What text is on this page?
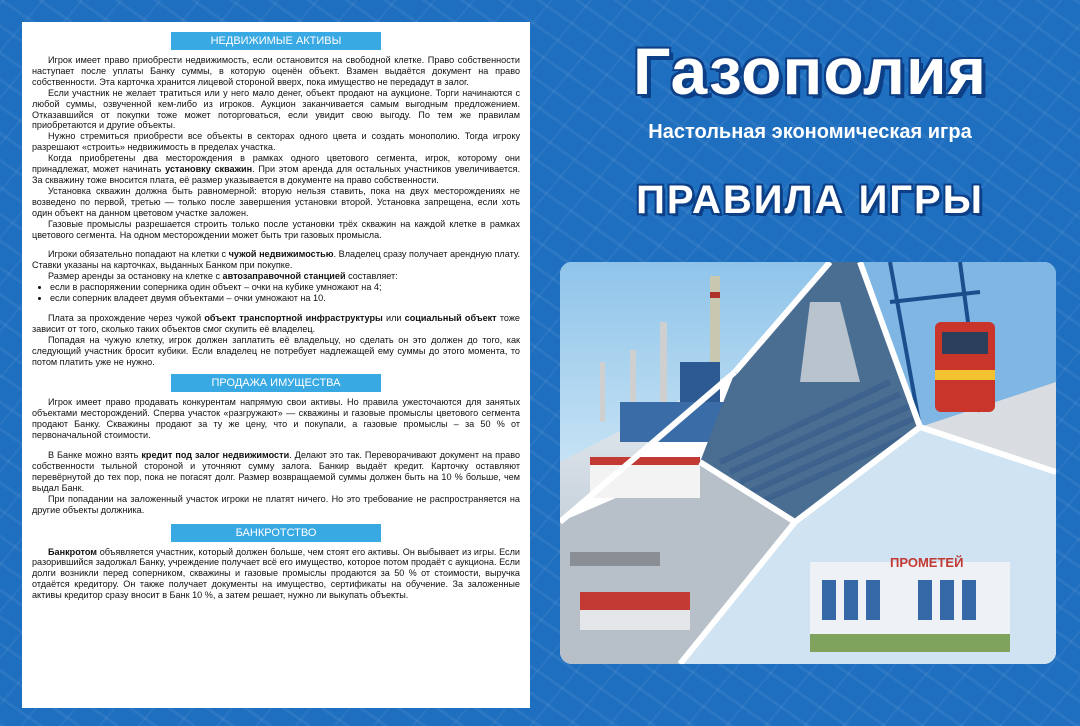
НЕДВИЖИМЫЕ АКТИВЫ

Игрок имеет право приобрести недвижимость, если остановится на свободной клетке. Право собственности наступает после уплаты Банку суммы, в которую оценён объект. Взамен выдаётся документ на право собственности. Эта карточка хранится лицевой стороной вверх, пока имущество не передадут в залог.

Если участник не желает тратиться или у него мало денег, объект продают на аукционе. Торги начинаются с любой суммы, озвученной кем-либо из игроков. Аукцион заканчивается самым выгодным предложением. Отказавшийся от покупки тоже может поторговаться, если увидит свою выгоду. По тем же правилам приобретаются и другие объекты.

Нужно стремиться приобрести все объекты в секторах одного цвета и создать монополию. Тогда игроку разрешают «строить» недвижимость в пределах участка.

Когда приобретены два месторождения в рамках одного цветового сегмента, игрок, которому они принадлежат, может начинать установку скважин. При этом аренда для остальных участников увеличивается. За скважину тоже вносится плата, её размер указывается в документе на право собственности.

Установка скважин должна быть равномерной: вторую нельзя ставить, пока на двух месторождениях не возведено по первой, третью — только после завершения установки второй. Установка запрещена, если хоть один объект на данном цветовом участке заложен.

Газовые промыслы разрешается строить только после установки трёх скважин на каждой клетке в рамках цветового сегмента. На одном месторождении может быть три газовых промысла.

Игроки обязательно попадают на клетки с чужой недвижимостью. Владелец сразу получает арендную плату. Ставки указаны на карточках, выданных Банком при покупке.

Размер аренды за остановку на клетке с автозаправочной станцией составляет:

• если в распоряжении соперника один объект – очки на кубике умножают на 4;
• если соперник владеет двумя объектами – очки умножают на 10.

Плата за прохождение через чужой объект транспортной инфраструктуры или социальный объект тоже зависит от того, сколько таких объектов смог скупить её владелец.

Попадая на чужую клетку, игрок должен заплатить её владельцу, но сделать он это должен до того, как следующий участник бросит кубики. Если владелец не потребует надлежащей ему суммы до этого момента, то потом платить уже не нужно.

ПРОДАЖА ИМУЩЕСТВА

Игрок имеет право продавать конкурентам напрямую свои активы. Но правила ужесточаются для занятых объектами месторождений. Сперва участок «разгружают» — скважины и газовые промыслы цветового сегмента продают Банку. Скважины продают за ту же цену, что и покупали, а газовые промыслы – за 50 % от первоначальной стоимости.

В Банке можно взять кредит под залог недвижимости. Делают это так. Переворачивают документ на право собственности тыльной стороной и уточняют сумму залога. Банкир выдаёт кредит. Карточку оставляют перевёрнутой до тех пор, пока не погасят долг. Размер возвращаемой суммы должен быть на 10 % больше, чем выдал Банк.

При попадании на заложенный участок игроки не платят ничего. Но это требование не распространяется на другие объекты должника.

БАНКРОТСТВО

Банкротом объявляется участник, который должен больше, чем стоят его активы. Он выбывает из игры. Если разорившийся задолжал Банку, учреждение получает всё его имущество, которое потом продаёт с аукциона. Если долги возникли перед соперником, скважины и газовые промыслы продаются за 50 % от стоимости, выручка отдаётся кредитору. Он также получает документы на имущество, сертификаты на обучение. За заложенные активы кредитор сразу вносит в Банк 10 %, а затем решает, нужно ли выкупать объекты.

Газополия
Настольная экономическая игра
ПРАВИЛА ИГРЫ
ПРОМЕТЕЙ
